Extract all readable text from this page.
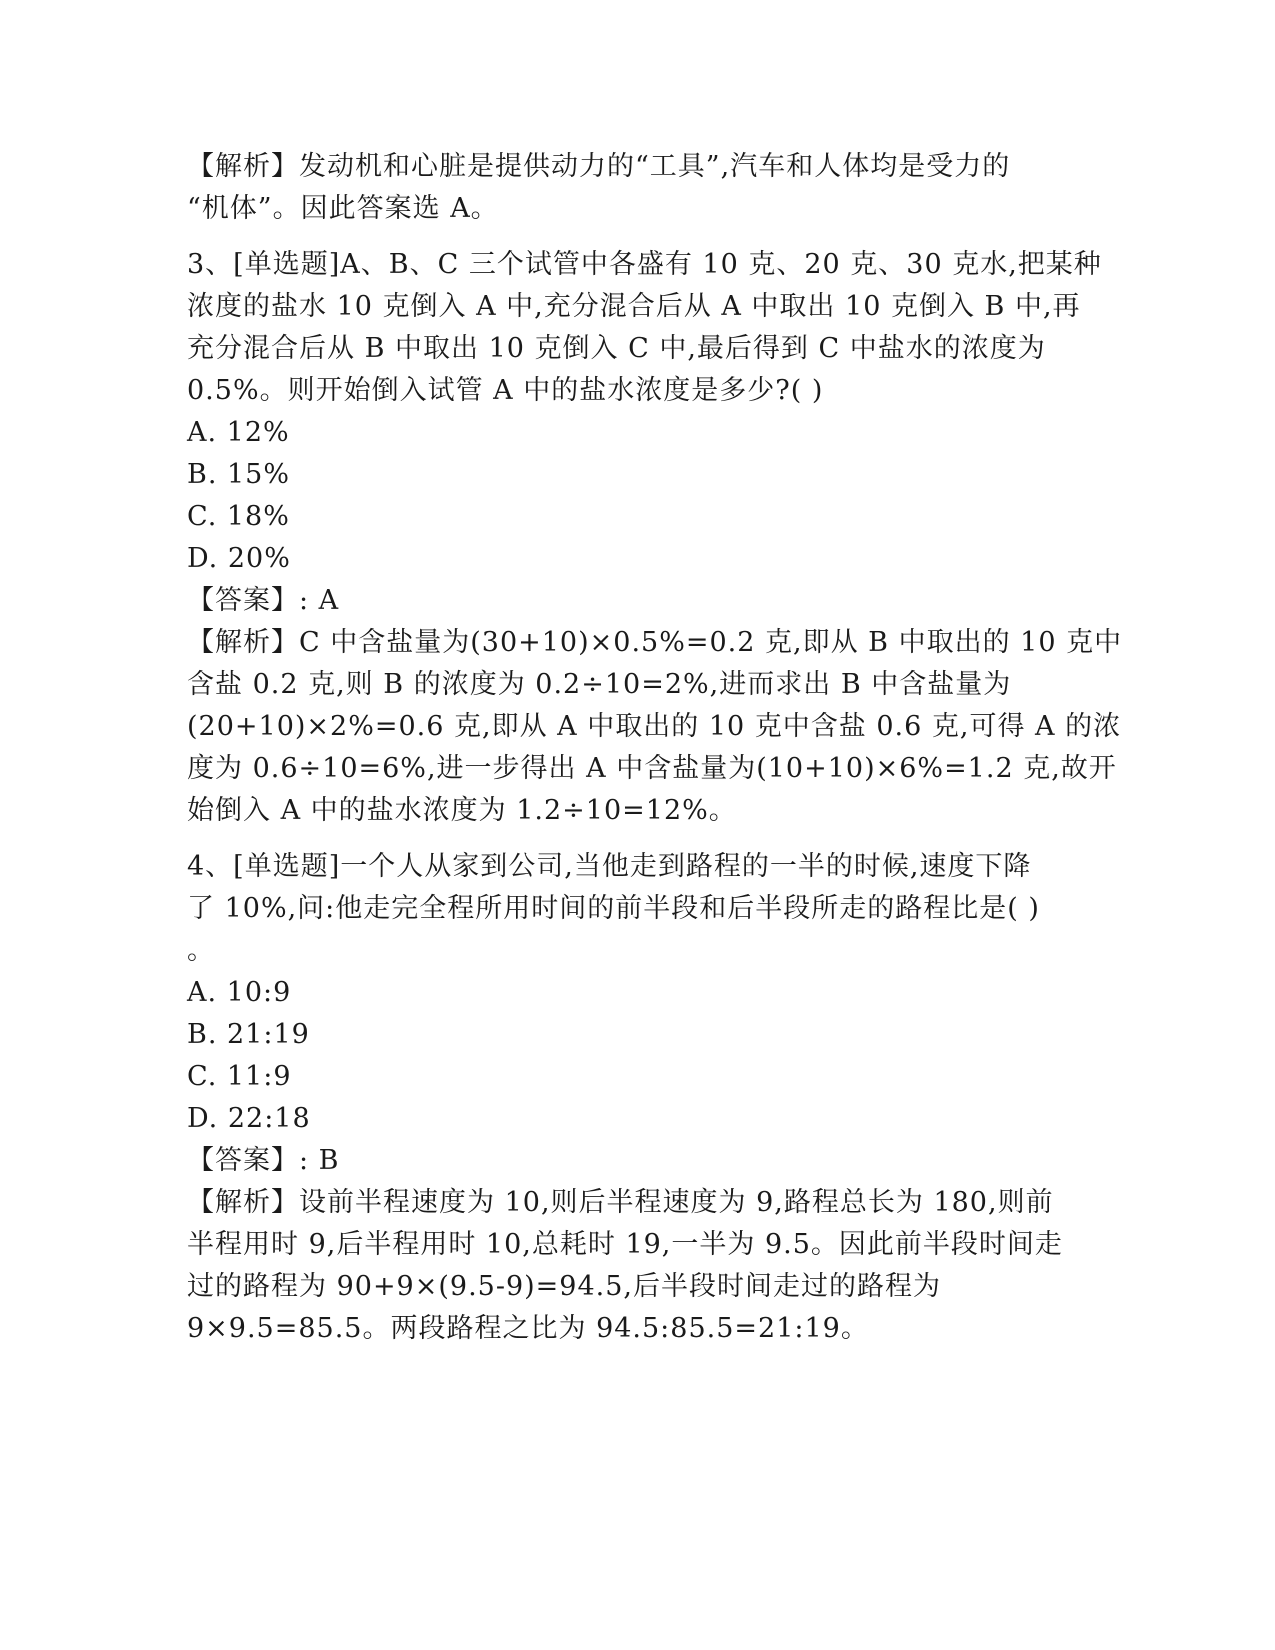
【解析】发动机和心脏是提供动力的“工具”,汽车和人体均是受力的
“机体”。因此答案选 A。
3、[单选题]A、B、C 三个试管中各盛有 10 克、20 克、30 克水,把某种
浓度的盐水 10 克倒入 A 中,充分混合后从 A 中取出 10 克倒入 B 中,再
充分混合后从 B 中取出 10 克倒入 C 中,最后得到 C 中盐水的浓度为
0.5%。则开始倒入试管 A 中的盐水浓度是多少?( )
A. 12%
B. 15%
C. 18%
D. 20%
【答案】: A
【解析】C 中含盐量为(30+10)×0.5%=0.2 克,即从 B 中取出的 10 克中
含盐 0.2 克,则 B 的浓度为 0.2÷10=2%,进而求出 B 中含盐量为
(20+10)×2%=0.6 克,即从 A 中取出的 10 克中含盐 0.6 克,可得 A 的浓
度为 0.6÷10=6%,进一步得出 A 中含盐量为(10+10)×6%=1.2 克,故开
始倒入 A 中的盐水浓度为 1.2÷10=12%。
4、[单选题]一个人从家到公司,当他走到路程的一半的时候,速度下降
了 10%,问:他走完全程所用时间的前半段和后半段所走的路程比是( )
。
A. 10:9
B. 21:19
C. 11:9
D. 22:18
【答案】: B
【解析】设前半程速度为 10,则后半程速度为 9,路程总长为 180,则前
半程用时 9,后半程用时 10,总耗时 19,一半为 9.5。因此前半段时间走
过的路程为 90+9×(9.5-9)=94.5,后半段时间走过的路程为
9×9.5=85.5。两段路程之比为 94.5:85.5=21:19。
